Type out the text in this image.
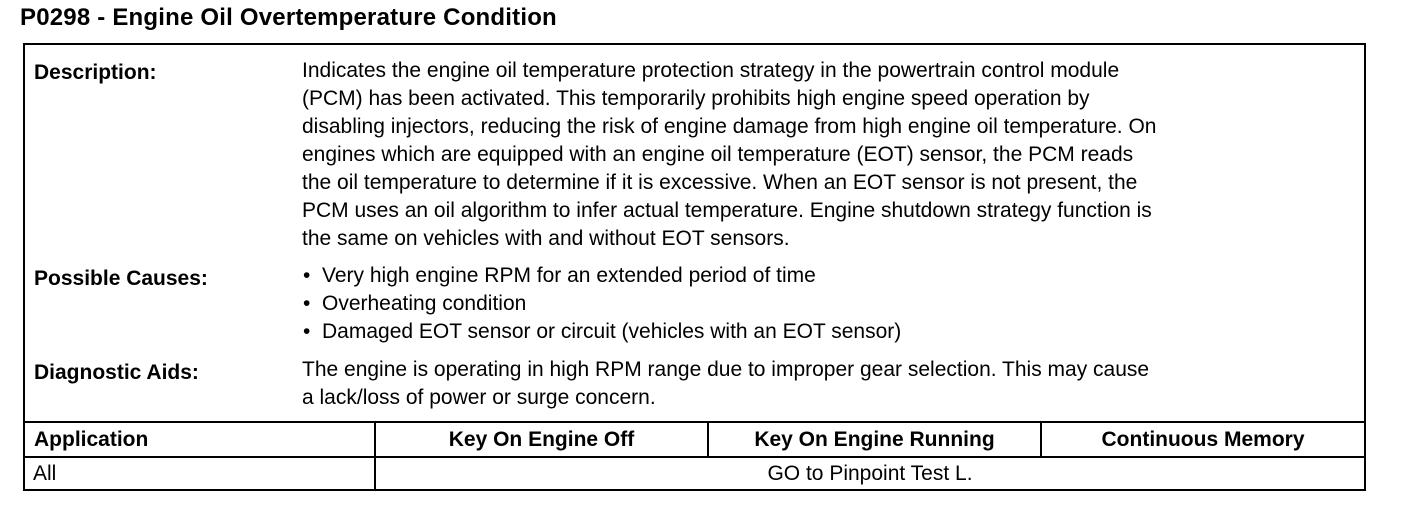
P0298 - Engine Oil Overtemperature Condition
Description:	Indicates the engine oil temperature protection strategy in the powertrain control module
(PCM) has been activated. This temporarily prohibits high engine speed operation by
disabling injectors, reducing the risk of engine damage from high engine oil temperature. On
engines which are equipped with an engine oil temperature (EOT) sensor, the PCM reads
the oil temperature to determine if it is excessive. When an EOT sensor is not present, the
PCM uses an oil algorithm to infer actual temperature. Engine shutdown strategy function is
the same on vehicles with and without EOT sensors.
Possible Causes:
•	Very high engine RPM for an extended period of time
• Overheating condition
• Damaged EOT sensor or circuit (vehicles with an EOT sensor)
Diagnostic Aids:	The engine is operating in high RPM range due to improper gear selection. This may cause
a lack/loss of power or surge concern.
Application	Key On Engine Off	Key On Engine Running	Continuous Memory
All	GO to Pinpoint Test L.
